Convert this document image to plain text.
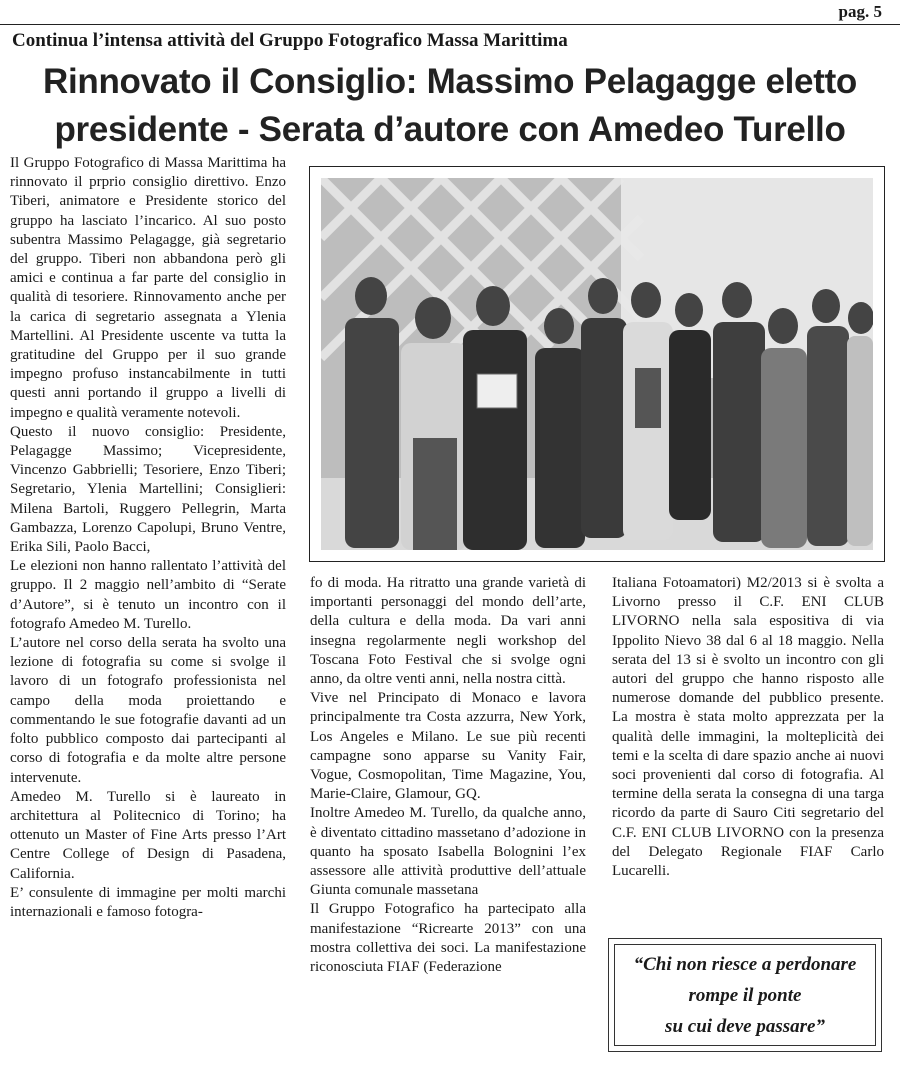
pag. 5
Continua l’intensa attività del Gruppo Fotografico Massa Marittima
Rinnovato il Consiglio: Massimo Pelagagge eletto
presidente - Serata d’autore con Amedeo Turello

Il Gruppo Fotografico di Massa Marittima ha rinnovato il prprio consiglio direttivo. Enzo Tiberi, animatore e Presidente storico del gruppo ha lasciato l’incarico. Al suo posto subentra Massimo Pelagagge, già segretario del gruppo. Tiberi non abbandona però gli amici e continua a far parte del consiglio in qualità di tesoriere. Rinnovamento anche per la carica di segretario assegnata a Ylenia Martellini. Al Presidente uscente va tutta la gratitudine del Gruppo per il suo grande impegno profuso instancabilmente in tutti questi anni portando il gruppo a livelli di impegno e qualità veramente notevoli.

Questo il nuovo consiglio: Presidente, Pelagagge Massimo; Vicepresidente, Vincenzo Gabbrielli; Tesoriere, Enzo Tiberi; Segretario, Ylenia Martellini; Consiglieri: Milena Bartoli, Ruggero Pellegrin, Marta Gambazza, Lorenzo Capolupi, Bruno Ventre, Erika Sili, Paolo Bacci,

Le elezioni non hanno rallentato l’attività del gruppo. Il 2 maggio nell’ambito di “Serate d’Autore”, si è tenuto un incontro con il fotografo Amedeo M. Turello.

L’autore nel corso della serata ha svolto una lezione di fotografia su come si svolge il lavoro di un fotografo professionista nel campo della moda proiettando e commentando le sue fotografie davanti ad un folto pubblico composto dai partecipanti al corso di fotografia e da molte altre persone intervenute.

Amedeo M. Turello si è laureato in architettura al Politecnico di Torino; ha ottenuto un Master of Fine Arts presso l’Art Centre College of Design di Pasadena, California.

E’ consulente di immagine per molti marchi internazionali e famoso fotogra-

fo di moda. Ha ritratto una grande varietà di importanti personaggi del mondo dell’arte, della cultura e della moda. Da vari anni insegna regolarmente negli workshop del Toscana Foto Festival che si svolge ogni anno, da oltre venti anni, nella nostra città.

Vive nel Principato di Monaco e lavora principalmente tra Costa azzurra, New York, Los Angeles e Milano. Le sue più recenti campagne sono apparse su Vanity Fair, Vogue, Cosmopolitan, Time Magazine, You, Marie-Claire, Glamour, GQ.

Inoltre Amedeo M. Turello, da qualche anno, è diventato cittadino massetano d’adozione in quanto ha sposato Isabella Bolognini l’ex assessore alle attività produttive dell’attuale Giunta comunale massetana

Il Gruppo Fotografico ha partecipato alla manifestazione “Ricrearte 2013” con una mostra collettiva dei soci. La manifestazione riconosciuta FIAF (Federazione

Italiana Fotoamatori) M2/2013 si è svolta a Livorno presso il C.F. ENI CLUB LIVORNO nella sala espositiva di via Ippolito Nievo 38 dal 6 al 18 maggio. Nella serata del 13 si è svolto un incontro con gli autori del gruppo che hanno risposto alle numerose domande del pubblico presente. La mostra è stata molto apprezzata per la qualità delle immagini, la molteplicità dei temi e la scelta di dare spazio anche ai nuovi soci provenienti dal corso di fotografia. Al termine della serata la consegna di una targa ricordo da parte di Sauro Citi segretario del C.F. ENI CLUB LIVORNO con la presenza del Delegato Regionale FIAF Carlo Lucarelli.

“Chi non riesce a perdonare
rompe il ponte
su cui deve passare”
